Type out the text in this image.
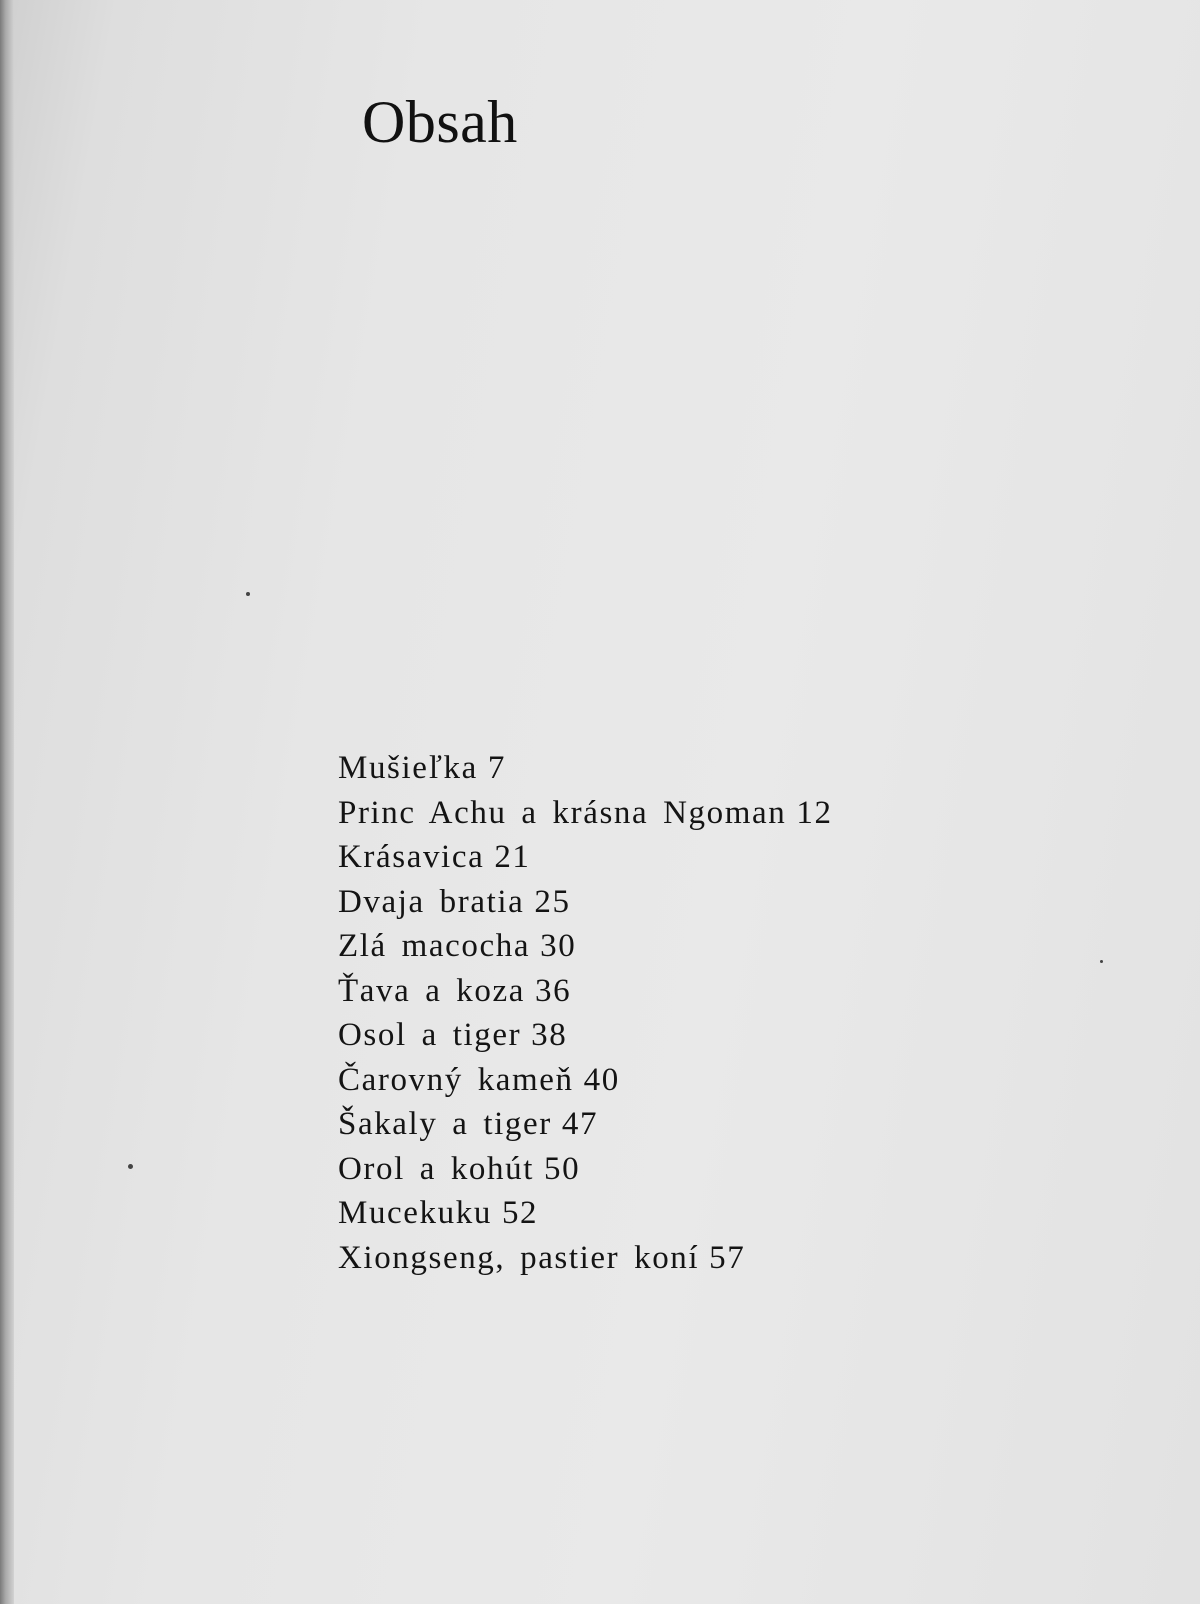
Obsah
Mušieľka 7
Princ Achu a krásna Ngoman 12
Krásavica 21
Dvaja bratia 25
Zlá macocha 30
Ťava a koza 36
Osol a tiger 38
Čarovný kameň 40
Šakaly a tiger 47
Orol a kohút 50
Mucekuku 52
Xiongseng, pastier koní 57
